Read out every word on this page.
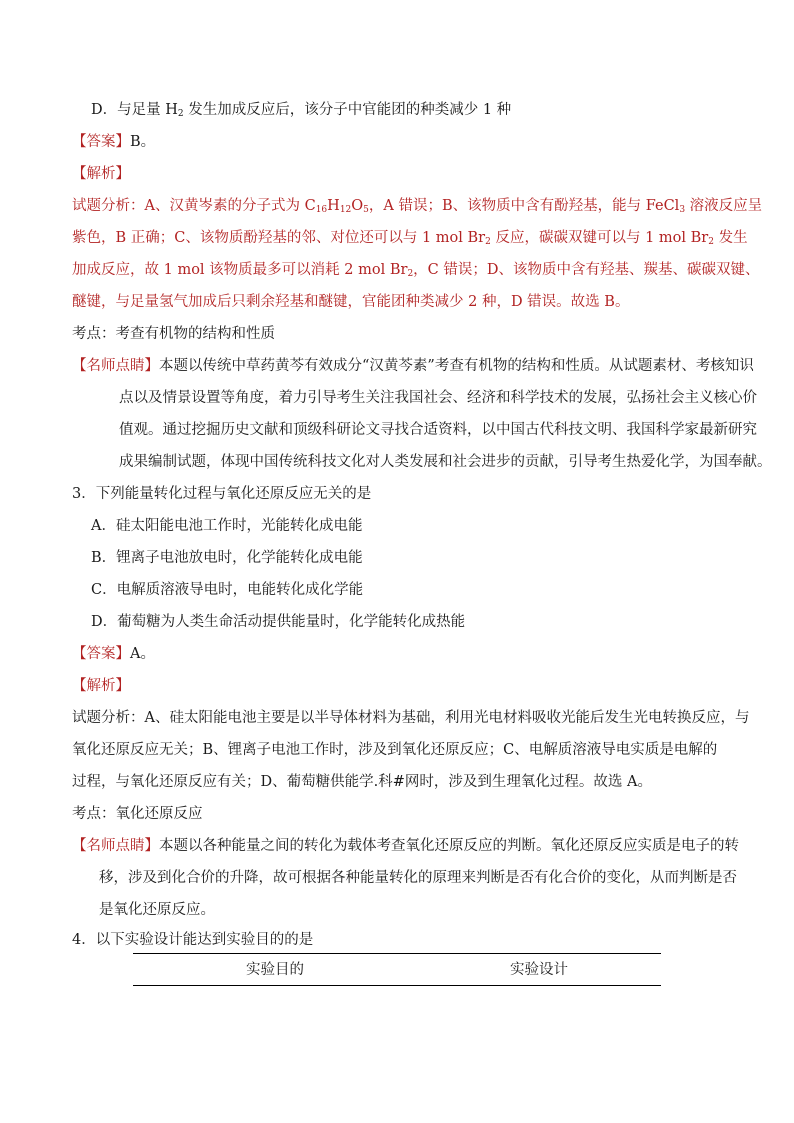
D．与足量 $H_2$ 发生加成反应后，该分子中官能团的种类减少 1 种
【答案】B。
【解析】
试题分析：A、汉黄岑素的分子式为 $C_{16}H_{12}O_5$，A 错误；B、该物质中含有酚羟基，能与 FeCl$_3$ 溶液反应呈
紫色，B 正确；C、该物质酚羟基的邻、对位还可以与 1 mol $Br_2$ 反应，碳碳双键可以与 1 mol $Br_2$ 发生
加成反应，故 1 mol 该物质最多可以消耗 2 mol $Br_2$，C 错误；D、该物质中含有羟基、羰基、碳碳双键、
醚键，与足量氢气加成后只剩余羟基和醚键，官能团种类减少 2 种，D 错误。故选 B。
考点：考查有机物的结构和性质
【名师点睛】本题以传统中草药黄芩有效成分“汉黄芩素”考查有机物的结构和性质。从试题素材、考核知识
点以及情景设置等角度，着力引导考生关注我国社会、经济和科学技术的发展，弘扬社会主义核心价
值观。通过挖掘历史文献和顶级科研论文寻找合适资料，以中国古代科技文明、我国科学家最新研究
成果编制试题，体现中国传统科技文化对人类发展和社会进步的贡献，引导考生热爱化学，为国奉献。
3．下列能量转化过程与氧化还原反应无关的是
A．硅太阳能电池工作时，光能转化成电能
B．锂离子电池放电时，化学能转化成电能
C．电解质溶液导电时，电能转化成化学能
D．葡萄糖为人类生命活动提供能量时，化学能转化成热能
【答案】A。
【解析】
试题分析：A、硅太阳能电池主要是以半导体材料为基础，利用光电材料吸收光能后发生光电转换反应，与
氧化还原反应无关；B、锂离子电池工作时，涉及到氧化还原反应；C、电解质溶液导电实质是电解的
过程，与氧化还原反应有关；D、葡萄糖供能学.科#网时，涉及到生理氧化过程。故选 A。
考点：氧化还原反应
【名师点睛】本题以各种能量之间的转化为载体考查氧化还原反应的判断。氧化还原反应实质是电子的转
移，涉及到化合价的升降，故可根据各种能量转化的原理来判断是否有化合价的变化，从而判断是否
是氧化还原反应。
4．以下实验设计能达到实验目的的是
实验目的	实验设计
